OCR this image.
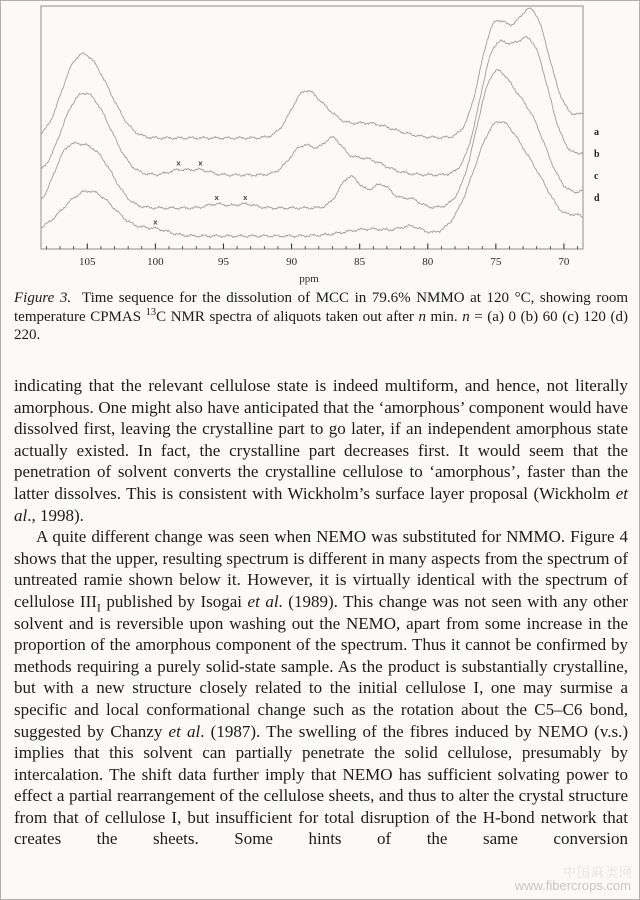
105	100	95	90	85	80	75	70
ppm
a
b
c
d
x x
x	x
x

Figure 3.  Time sequence for the dissolution of MCC in 79.6% NMMO at 120 °C, showing room temperature CPMAS $^{13}$C NMR spectra of aliquots taken out after n min. n = (a) 0 (b) 60 (c) 120 (d) 220.

indicating that the relevant cellulose state is indeed multiform, and hence, not literally amorphous. One might also have anticipated that the ‘amorphous’ component would have dissolved first, leaving the crystalline part to go later, if an independent amorphous state actually existed. In fact, the crystalline part decreases first. It would seem that the penetration of solvent converts the crystalline cellulose to ‘amorphous’, faster than the latter dissolves. This is consistent with Wickholm’s surface layer proposal (Wickholm et al., 1998).

A quite different change was seen when NEMO was substituted for NMMO. Figure 4 shows that the upper, resulting spectrum is different in many aspects from the spectrum of untreated ramie shown below it. However, it is virtually identical with the spectrum of cellulose $III_I$ published by Isogai et al. (1989). This change was not seen with any other solvent and is reversible upon washing out the NEMO, apart from some increase in the proportion of the amorphous component of the spectrum. Thus it cannot be confirmed by methods requiring a purely solid-state sample. As the product is substantially crystalline, but with a new structure closely related to the initial cellulose I, one may surmise a specific and local conformational change such as the rotation about the C5–C6 bond, suggested by Chanzy et al. (1987). The swelling of the fibres induced by NEMO (v.s.) implies that this solvent can partially penetrate the solid cellulose, presumably by intercalation. The shift data further imply that NEMO has sufficient solvating power to effect a partial rearrangement of the cellulose sheets, and thus to alter the crystal structure from that of cellulose I, but insufficient for total disruption of the H-bond network that creates the sheets. Some hints of the same conversion

中国麻类网
www.fibercrops.com
